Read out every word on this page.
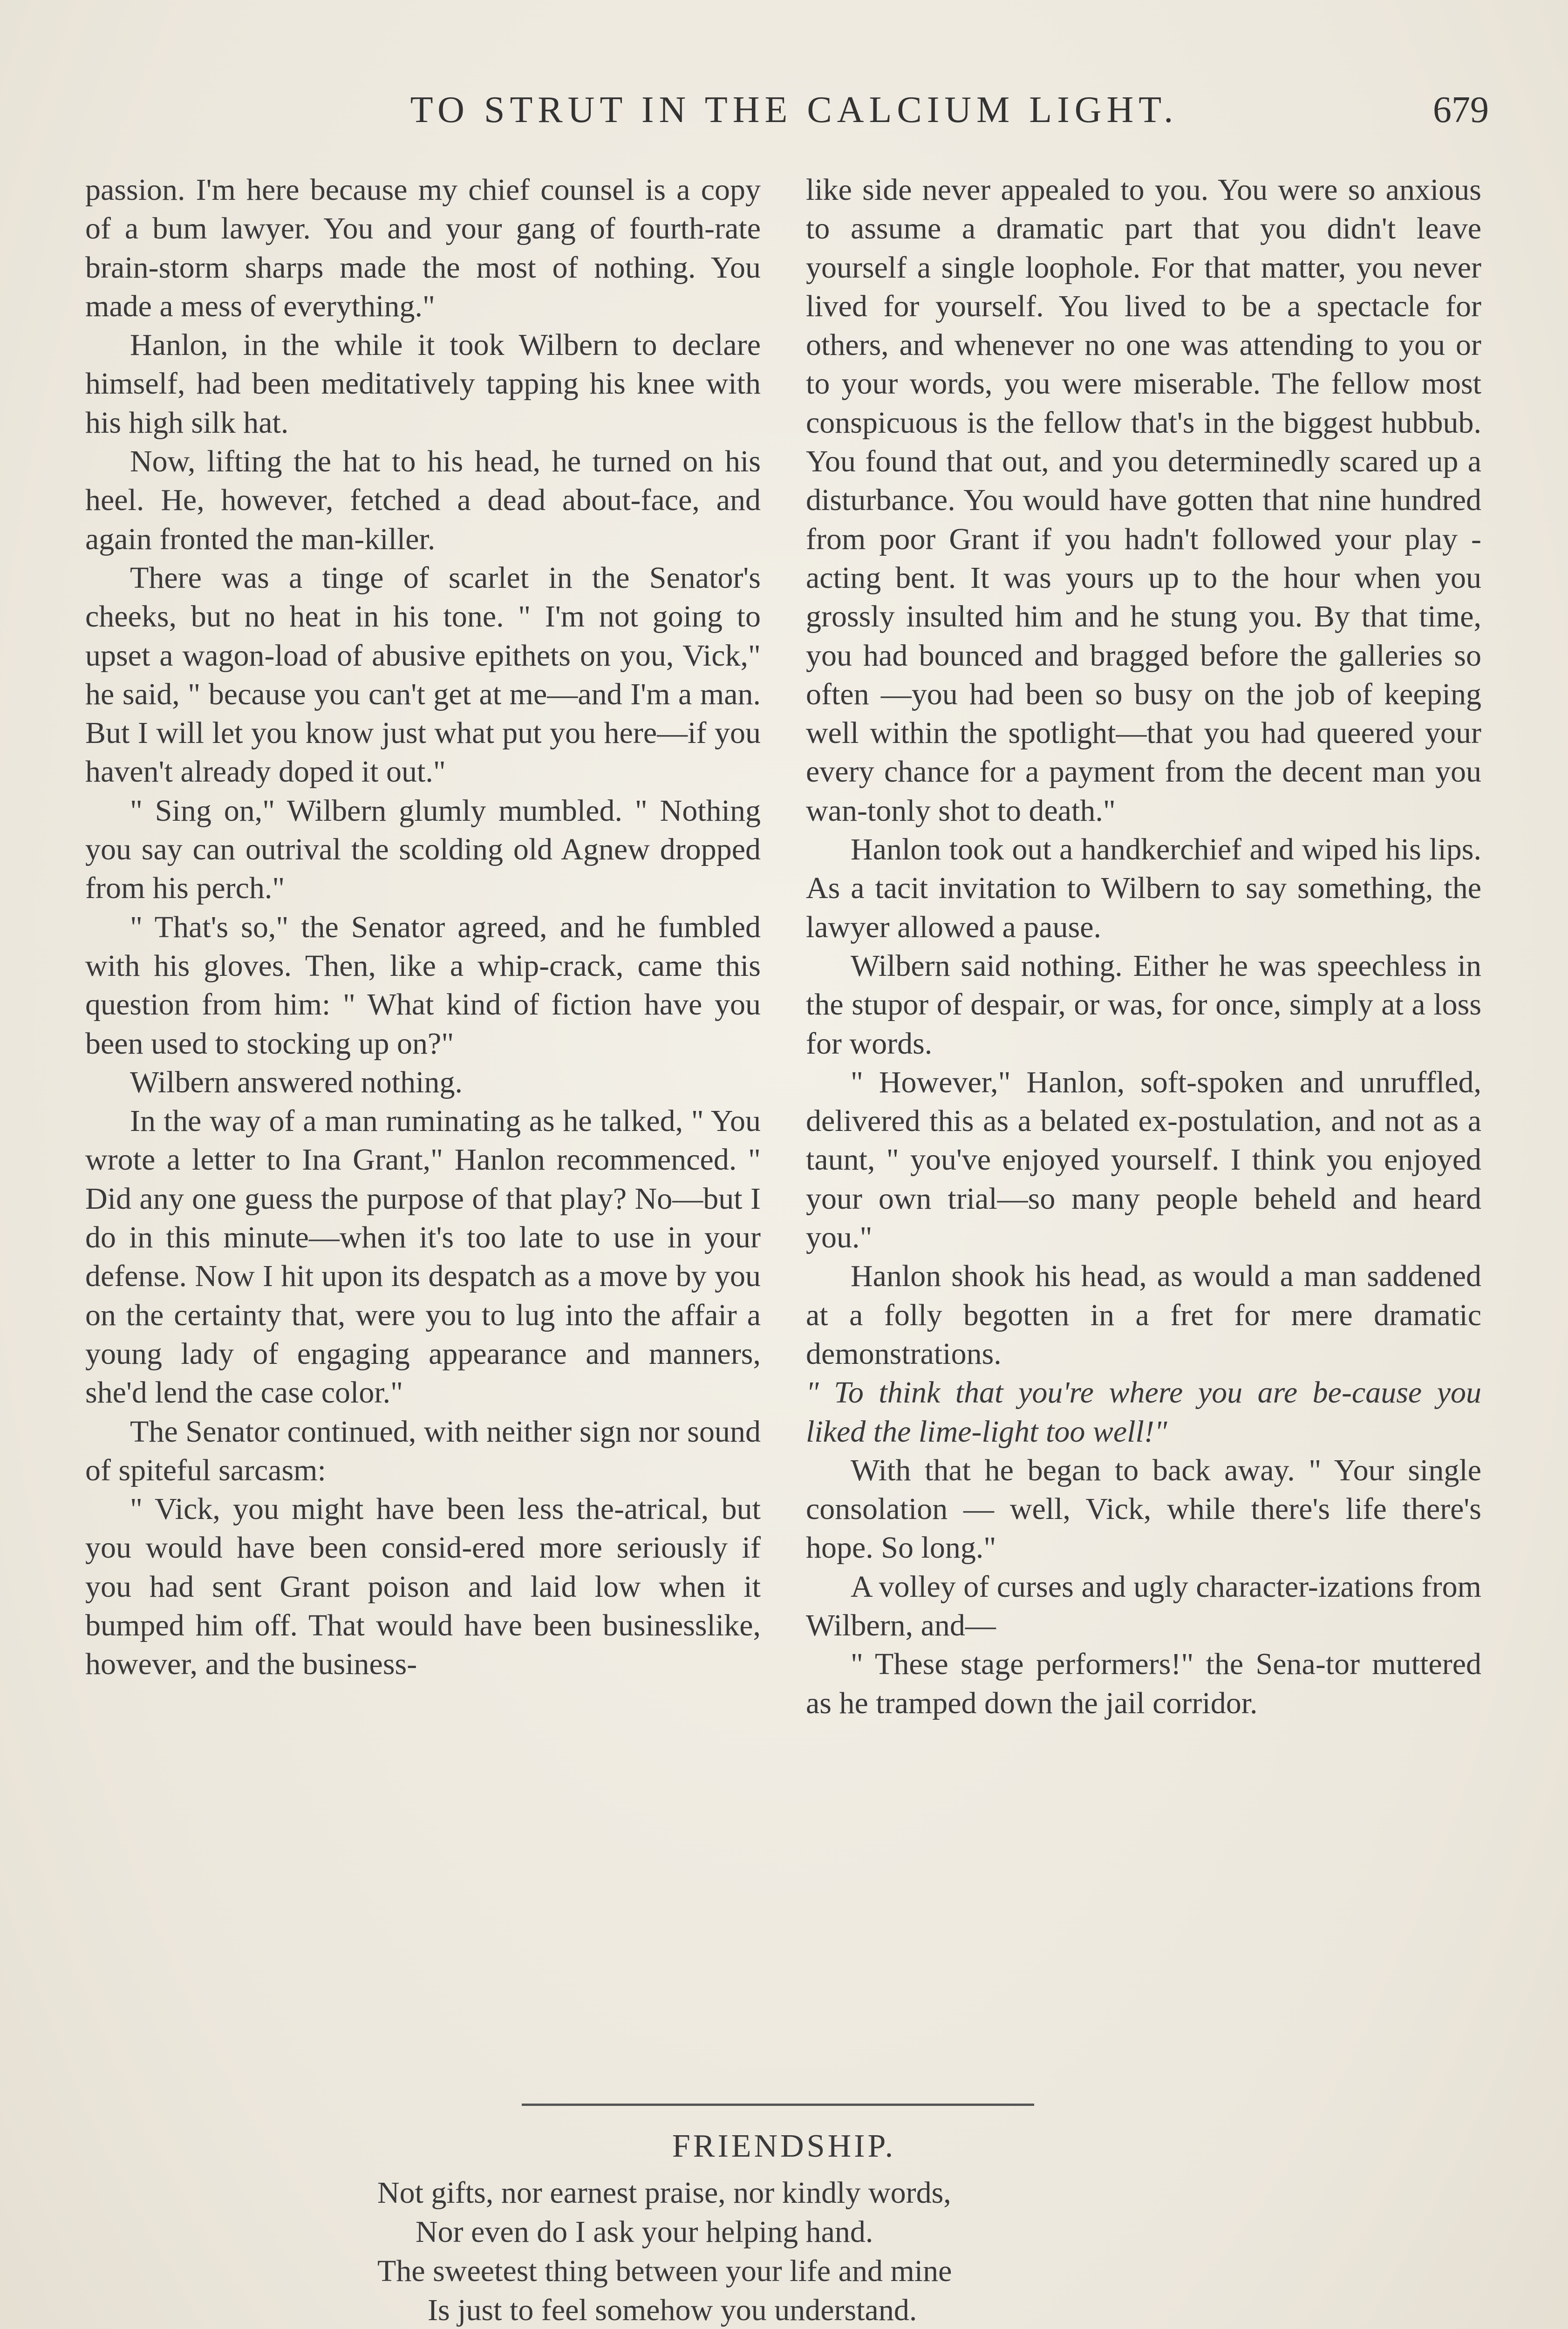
TO STRUT IN THE CALCIUM LIGHT.	679

passion. I'm here because my chief counsel is a copy of a bum lawyer. You and your gang of fourth-rate brain-storm sharps made the most of nothing. You made a mess of everything."

Hanlon, in the while it took Wilbern to declare himself, had been meditatively tapping his knee with his high silk hat.

Now, lifting the hat to his head, he turned on his heel. He, however, fetched a dead about-face, and again fronted the man-killer.

There was a tinge of scarlet in the Senator's cheeks, but no heat in his tone. " I'm not going to upset a wagon-load of abusive epithets on you, Vick," he said, " because you can't get at me—and I'm a man. But I will let you know just what put you here—if you haven't already doped it out."

" Sing on," Wilbern glumly mumbled. " Nothing you say can outrival the scolding old Agnew dropped from his perch."

" That's so," the Senator agreed, and he fumbled with his gloves. Then, like a whip-crack, came this question from him: " What kind of fiction have you been used to stocking up on?"

Wilbern answered nothing.

In the way of a man ruminating as he talked, " You wrote a letter to Ina Grant," Hanlon recommenced. " Did any one guess the purpose of that play? No—but I do in this minute—when it's too late to use in your defense. Now I hit upon its despatch as a move by you on the certainty that, were you to lug into the affair a young lady of engaging appearance and manners, she'd lend the case color."

The Senator continued, with neither sign nor sound of spiteful sarcasm:

" Vick, you might have been less the-atrical, but you would have been consid-ered more seriously if you had sent Grant poison and laid low when it bumped him off. That would have been businesslike, however, and the business-

like side never appealed to you. You were so anxious to assume a dramatic part that you didn't leave yourself a single loophole. For that matter, you never lived for yourself. You lived to be a spectacle for others, and whenever no one was attending to you or to your words, you were miserable. The fellow most conspicuous is the fellow that's in the biggest hubbub. You found that out, and you determinedly scared up a disturbance. You would have gotten that nine hundred from poor Grant if you hadn't followed your play - acting bent. It was yours up to the hour when you grossly insulted him and he stung you. By that time, you had bounced and bragged before the galleries so often —you had been so busy on the job of keeping well within the spotlight—that you had queered your every chance for a payment from the decent man you wan-tonly shot to death."

Hanlon took out a handkerchief and wiped his lips. As a tacit invitation to Wilbern to say something, the lawyer allowed a pause.

Wilbern said nothing. Either he was speechless in the stupor of despair, or was, for once, simply at a loss for words.

" However," Hanlon, soft-spoken and unruffled, delivered this as a belated ex-postulation, and not as a taunt, " you've enjoyed yourself. I think you enjoyed your own trial—so many people beheld and heard you."

Hanlon shook his head, as would a man saddened at a folly begotten in a fret for mere dramatic demonstrations.

" To think that you're where you are be-cause you liked the lime-light too well!"

With that he began to back away. " Your single consolation — well, Vick, while there's life there's hope. So long."

A volley of curses and ugly character-izations from Wilbern, and—

" These stage performers!" the Sena-tor muttered as he tramped down the jail corridor.

FRIENDSHIP.
Not gifts, nor earnest praise, nor kindly words,
Nor even do I ask your helping hand.
The sweetest thing between your life and mine
Is just to feel somehow you understand.
